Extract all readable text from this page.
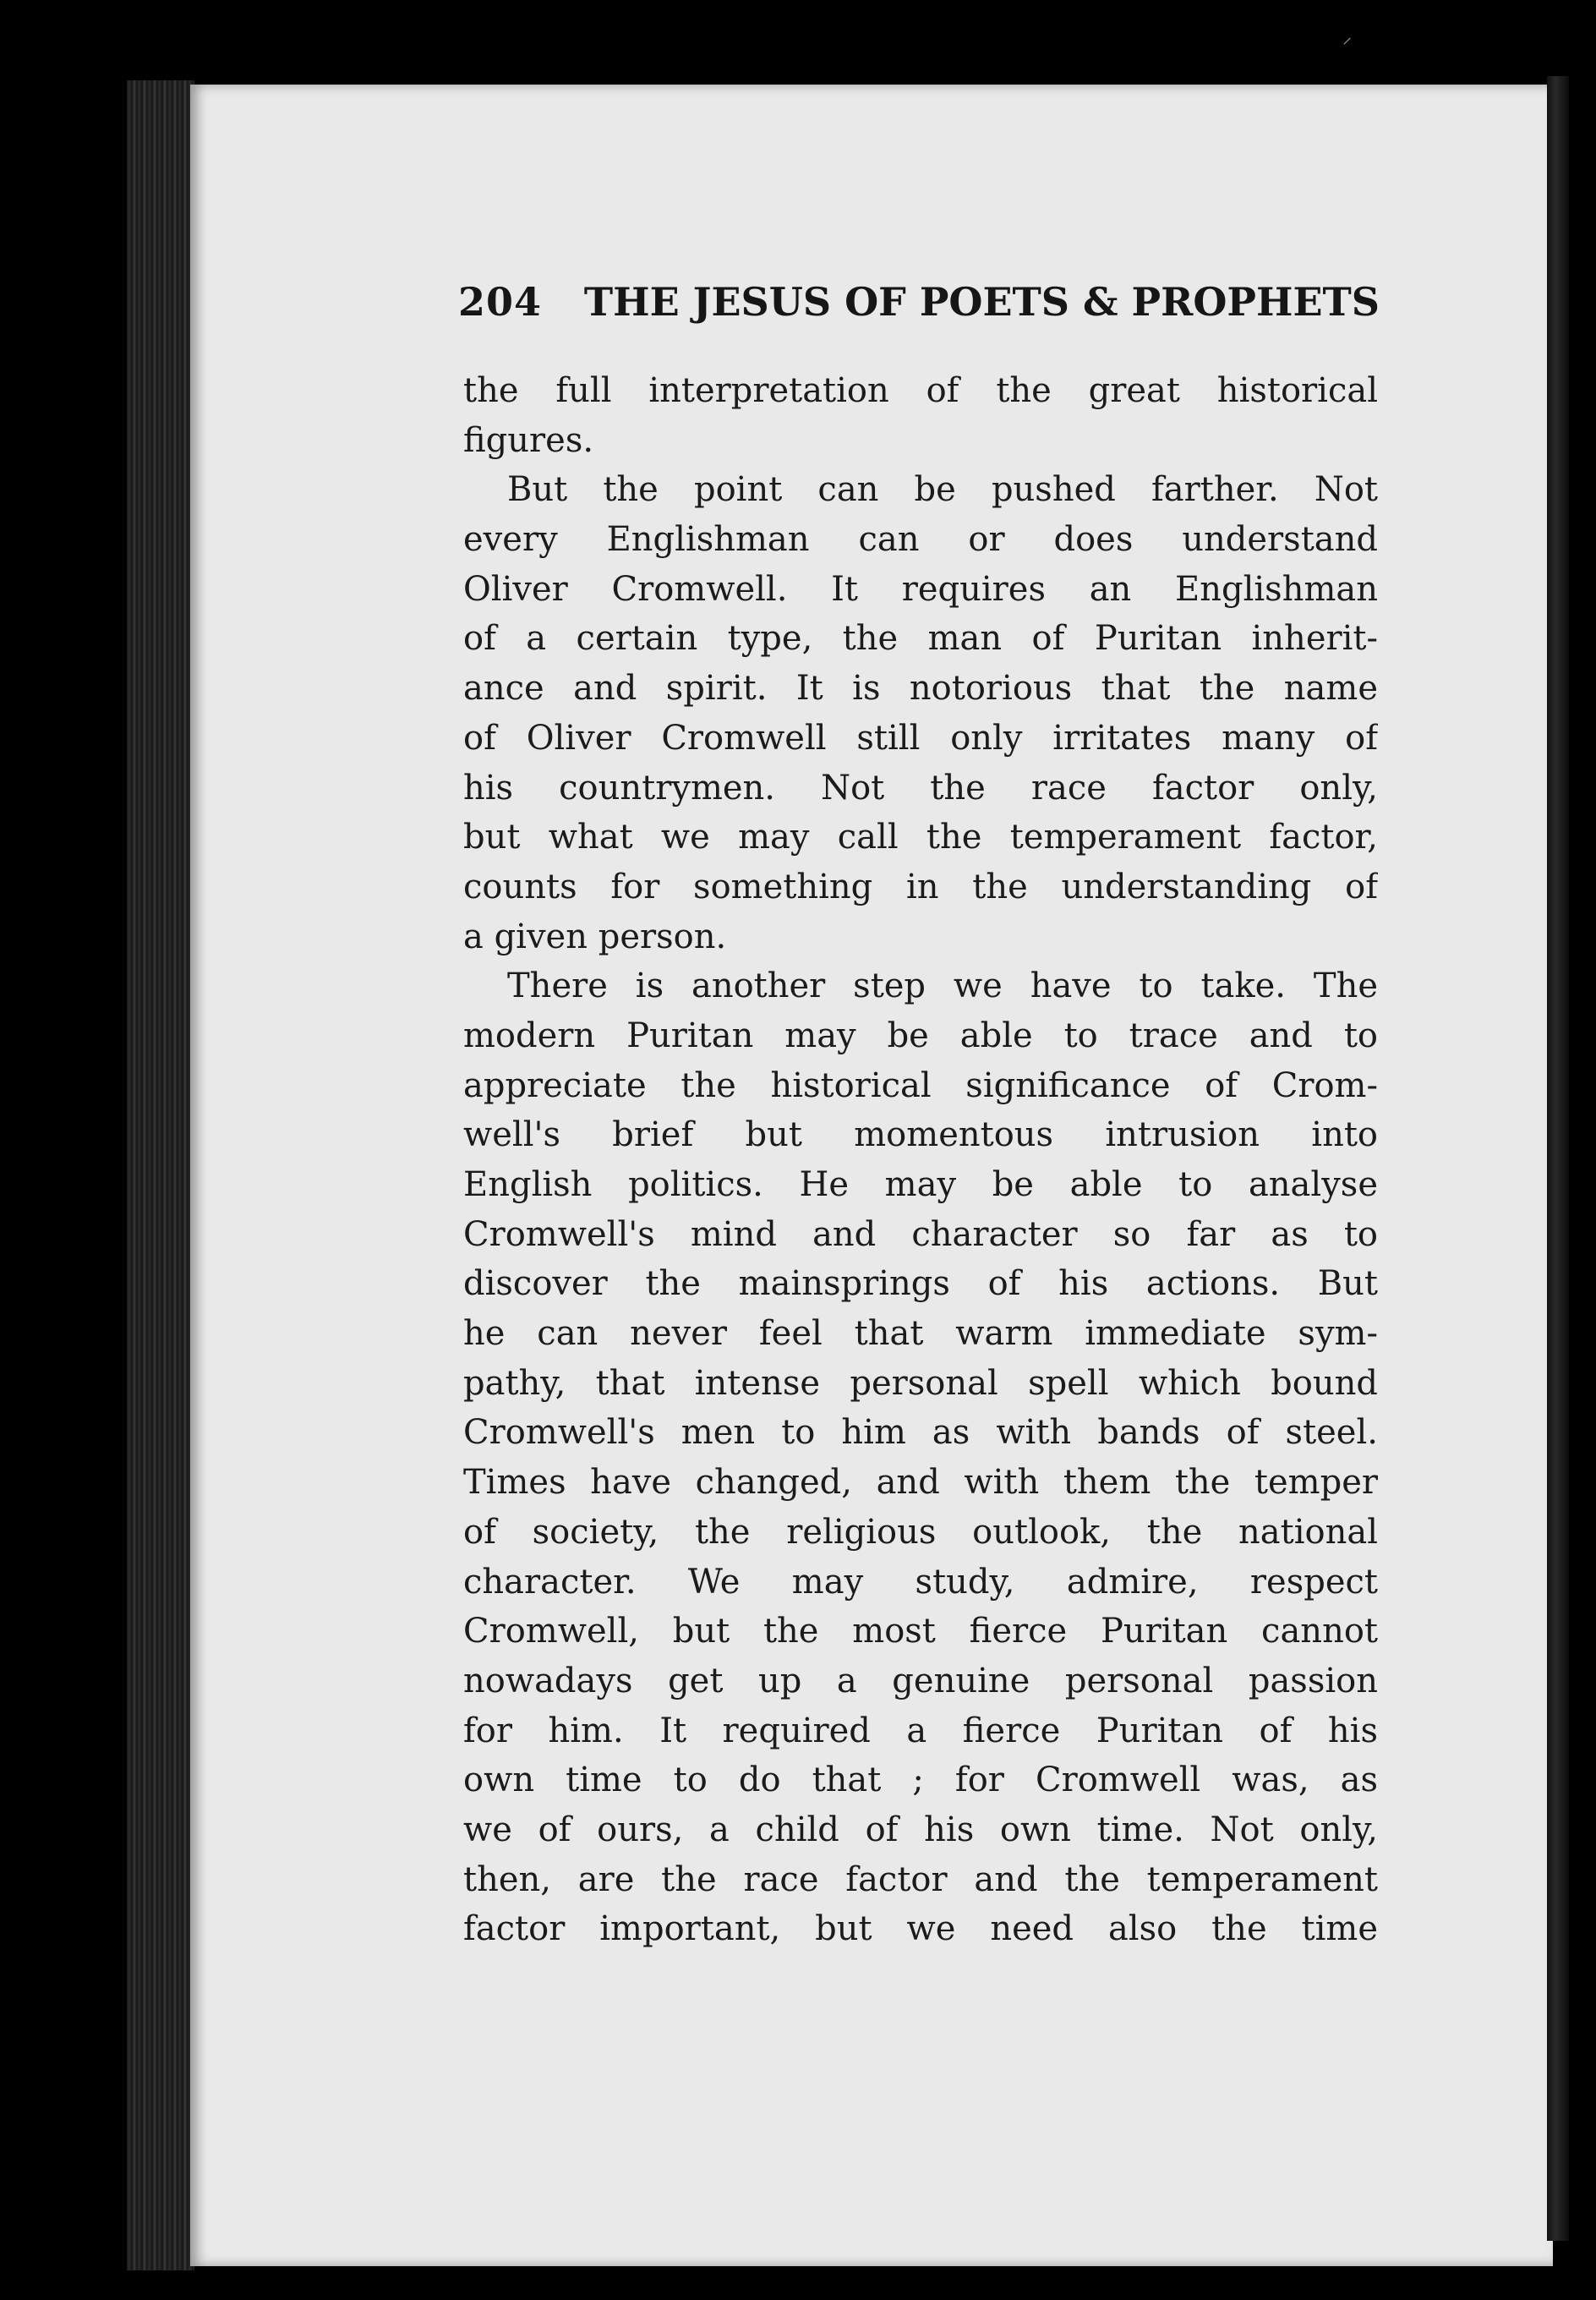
⸝
204 THE JESUS OF POETS & PROPHETS
the full interpretation of the great historical
figures.
But the point can be pushed farther. Not
every Englishman can or does understand
Oliver Cromwell. It requires an Englishman
of a certain type, the man of Puritan inherit-
ance and spirit. It is notorious that the name
of Oliver Cromwell still only irritates many of
his countrymen. Not the race factor only,
but what we may call the temperament factor,
counts for something in the understanding of
a given person.
There is another step we have to take. The
modern Puritan may be able to trace and to
appreciate the historical significance of Crom-
well's brief but momentous intrusion into
English politics. He may be able to analyse
Cromwell's mind and character so far as to
discover the mainsprings of his actions. But
he can never feel that warm immediate sym-
pathy, that intense personal spell which bound
Cromwell's men to him as with bands of steel.
Times have changed, and with them the temper
of society, the religious outlook, the national
character. We may study, admire, respect
Cromwell, but the most fierce Puritan cannot
nowadays get up a genuine personal passion
for him. It required a fierce Puritan of his
own time to do that ; for Cromwell was, as
we of ours, a child of his own time. Not only,
then, are the race factor and the temperament
factor important, but we need also the time
